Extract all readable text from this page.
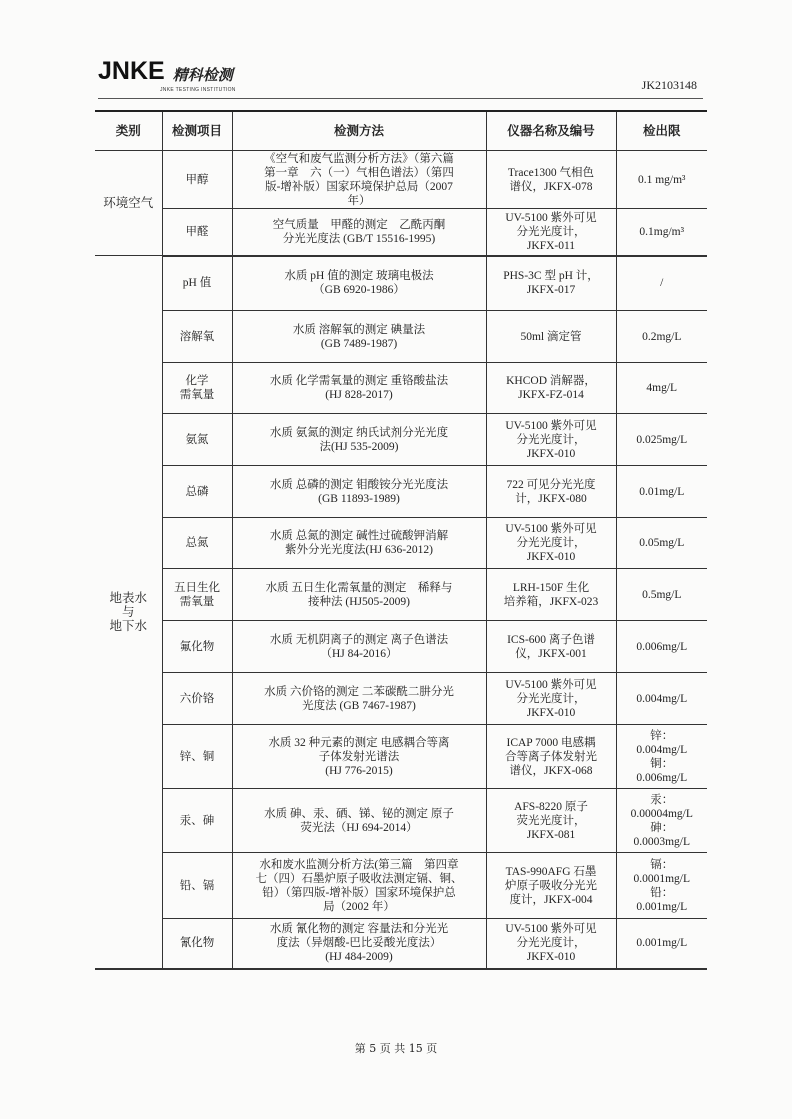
JNKE 精科检测
JNKE TESTING INSTITUTION	JK2103148
类别	检测项目	检测方法	仪器名称及编号	检出限
环境空气	甲醇	《空气和废气监测分析方法》（第六篇
第一章　六（一）气相色谱法）（第四
版-增补版）国家环境保护总局（2007
年）	Trace1300 气相色
谱仪，JKFX-078	0.1 mg/m³
	甲醛	空气质量　甲醛的测定　乙酰丙酮
分光光度法 (GB/T 15516-1995)	UV-5100 紫外可见
分光光度计，
JKFX-011	0.1mg/m³
地表水
与
地下水	pH 值	水质 pH 值的测定 玻璃电极法
（GB 6920-1986）	PHS-3C 型 pH 计，
JKFX-017	/
	溶解氧	水质 溶解氧的测定 碘量法
(GB 7489-1987)	50ml 滴定管	0.2mg/L
	化学
需氧量	水质 化学需氧量的测定 重铬酸盐法
(HJ 828-2017)	KHCOD 消解器，
JKFX-FZ-014	4mg/L
	氨氮	水质 氨氮的测定 纳氏试剂分光光度
法(HJ 535-2009)	UV-5100 紫外可见
分光光度计，
JKFX-010	0.025mg/L
	总磷	水质 总磷的测定 钼酸铵分光光度法
(GB 11893-1989)	722 可见分光光度
计，JKFX-080	0.01mg/L
	总氮	水质 总氮的测定 碱性过硫酸钾消解
紫外分光光度法(HJ 636-2012)	UV-5100 紫外可见
分光光度计，
JKFX-010	0.05mg/L
	五日生化
需氧量	水质 五日生化需氧量的测定　稀释与
接种法 (HJ505-2009)	LRH-150F 生化
培养箱，JKFX-023	0.5mg/L
	氟化物	水质 无机阴离子的测定 离子色谱法
（HJ 84-2016）	ICS-600 离子色谱
仪，JKFX-001	0.006mg/L
	六价铬	水质 六价铬的测定 二苯碳酰二肼分光
光度法 (GB 7467-1987)	UV-5100 紫外可见
分光光度计，
JKFX-010	0.004mg/L
	锌、铜	水质 32 种元素的测定 电感耦合等离
子体发射光谱法
(HJ 776-2015)	ICAP 7000 电感耦
合等离子体发射光
谱仪，JKFX-068	锌：
0.004mg/L
铜：
0.006mg/L
	汞、砷	水质 砷、汞、硒、锑、铋的测定 原子
荧光法（HJ 694-2014）	AFS-8220 原子
荧光光度计，
JKFX-081	汞：
0.00004mg/L
砷：
0.0003mg/L
	铅、镉	水和废水监测分析方法(第三篇　第四章
七（四）石墨炉原子吸收法测定镉、铜、
铅）（第四版-增补版）国家环境保护总
局（2002 年）	TAS-990AFG 石墨
炉原子吸收分光光
度计，JKFX-004	镉：
0.0001mg/L
铅：
0.001mg/L
	氰化物	水质 氰化物的测定 容量法和分光光
度法（异烟酸-巴比妥酸光度法）
(HJ 484-2009)	UV-5100 紫外可见
分光光度计，
JKFX-010	0.001mg/L
第 5 页 共 15 页
